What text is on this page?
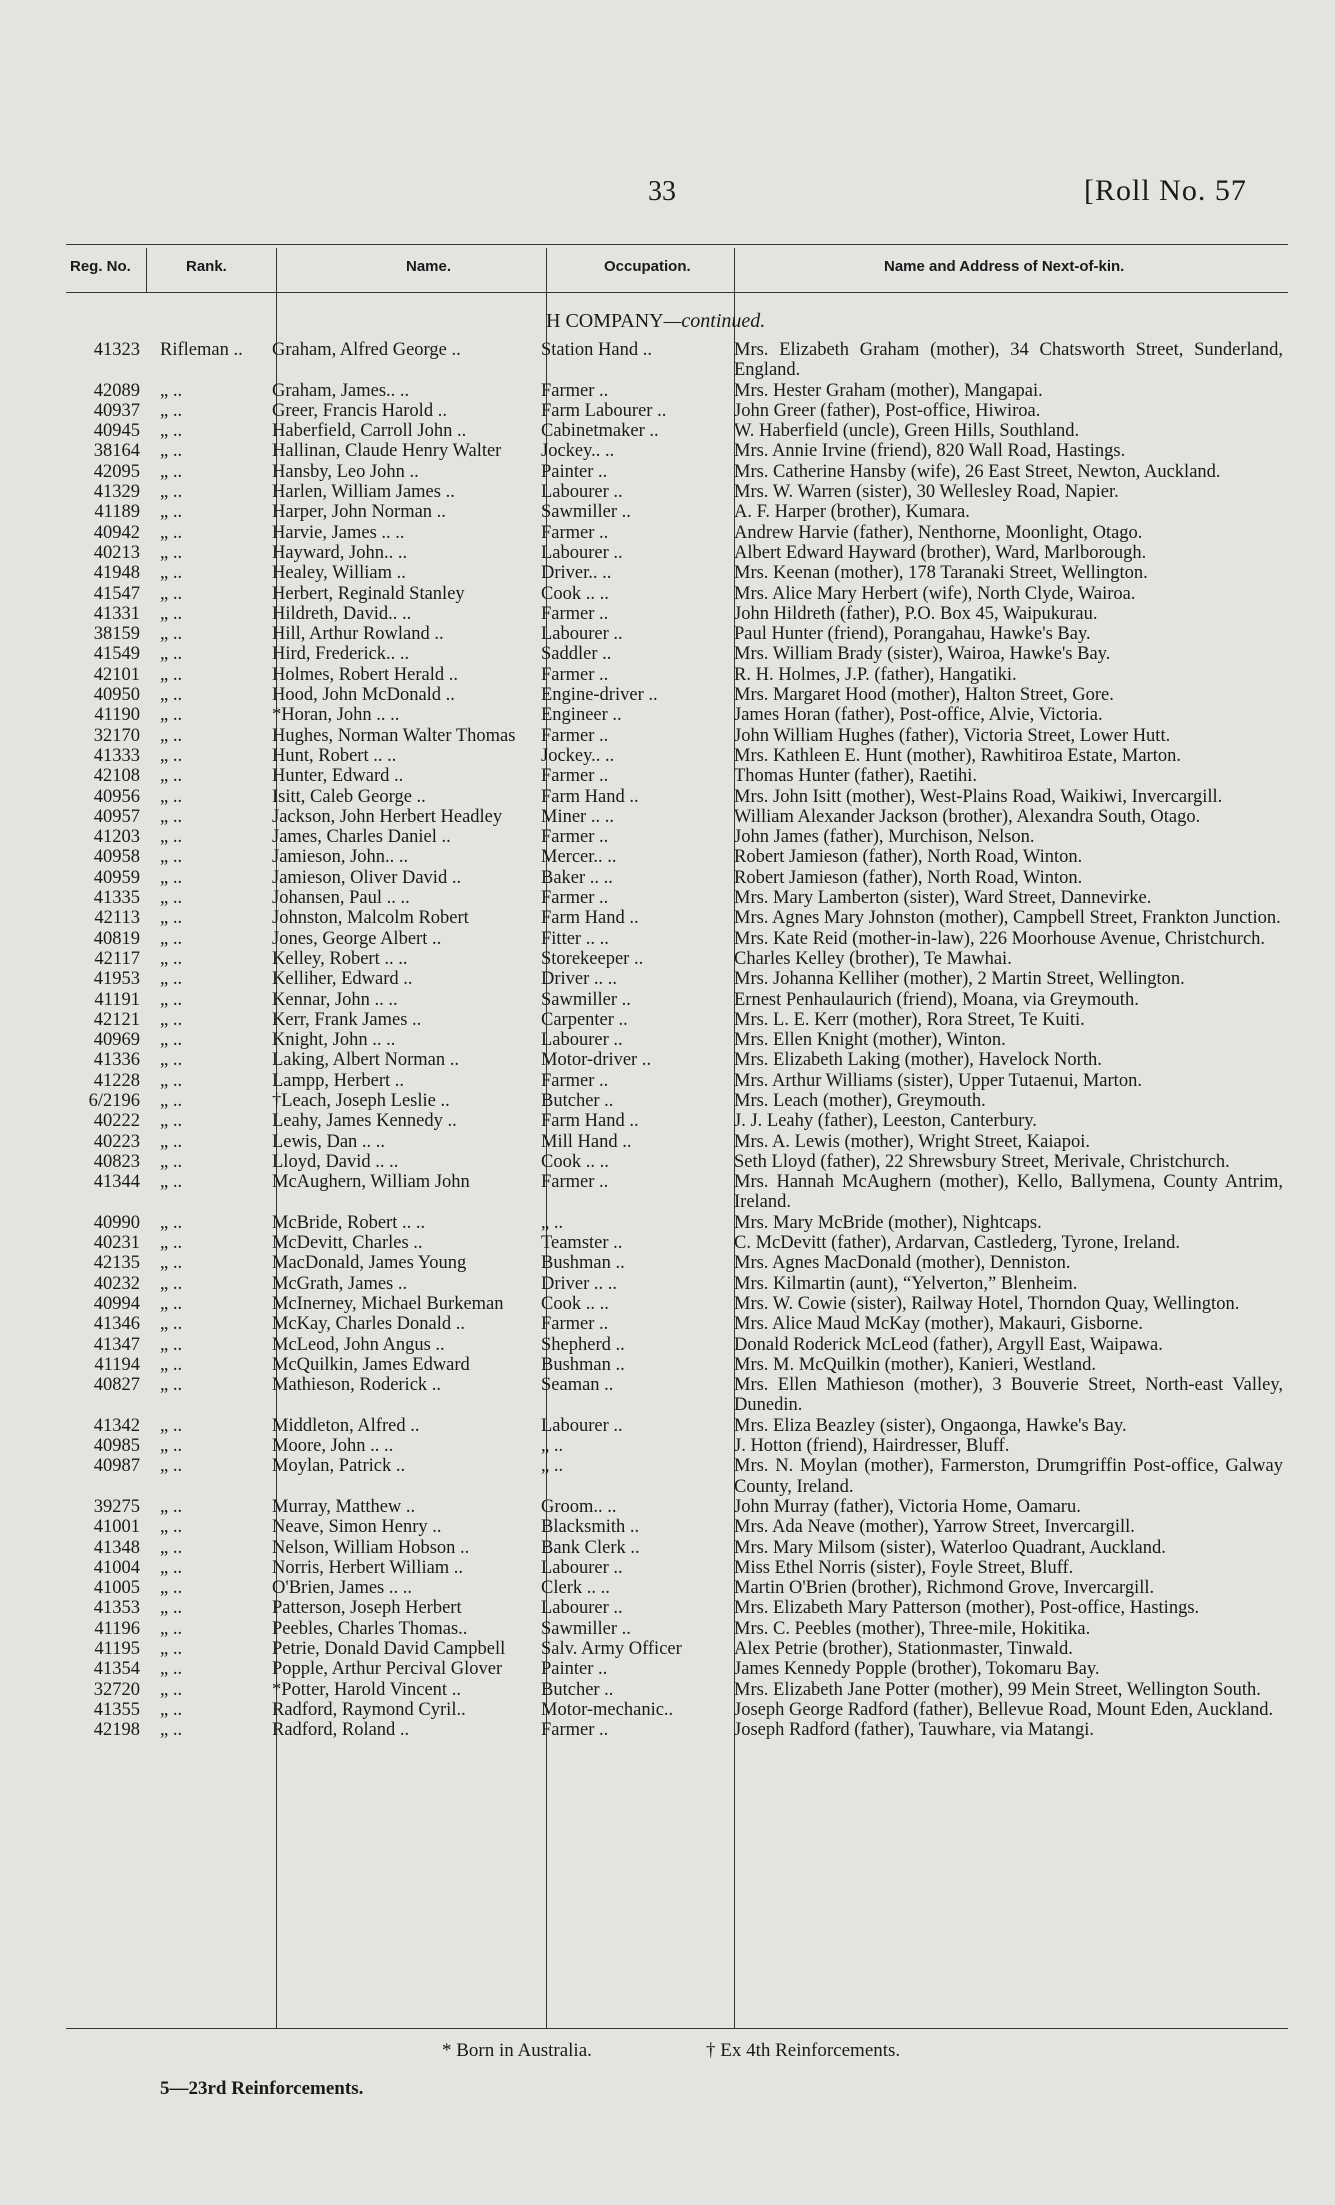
33	[Roll No. 57
Reg. No.	Rank.	Name.	Occupation.	Name and Address of Next-of-kin.
H COMPANY—continued.
41323	Rifleman ..	Graham, Alfred George ..	Station Hand ..	Mrs. Elizabeth Graham (mother), 34 Chatsworth Street, Sunderland, England.
42089	„ ..	Graham, James.. ..	Farmer ..	Mrs. Hester Graham (mother), Mangapai.
40937	„ ..	Greer, Francis Harold ..	Farm Labourer ..	John Greer (father), Post-office, Hiwiroa.
40945	„ ..	Haberfield, Carroll John ..	Cabinetmaker ..	W. Haberfield (uncle), Green Hills, Southland.
38164	„ ..	Hallinan, Claude Henry Walter	Jockey.. ..	Mrs. Annie Irvine (friend), 820 Wall Road, Hastings.
42095	„ ..	Hansby, Leo John ..	Painter ..	Mrs. Catherine Hansby (wife), 26 East Street, Newton, Auckland.
41329	„ ..	Harlen, William James ..	Labourer ..	Mrs. W. Warren (sister), 30 Wellesley Road, Napier.
41189	„ ..	Harper, John Norman ..	Sawmiller ..	A. F. Harper (brother), Kumara.
40942	„ ..	Harvie, James .. ..	Farmer ..	Andrew Harvie (father), Nenthorne, Moonlight, Otago.
40213	„ ..	Hayward, John.. ..	Labourer ..	Albert Edward Hayward (brother), Ward, Marlborough.
41948	„ ..	Healey, William ..	Driver.. ..	Mrs. Keenan (mother), 178 Taranaki Street, Wellington.
41547	„ ..	Herbert, Reginald Stanley	Cook .. ..	Mrs. Alice Mary Herbert (wife), North Clyde, Wairoa.
41331	„ ..	Hildreth, David.. ..	Farmer ..	John Hildreth (father), P.O. Box 45, Waipukurau.
38159	„ ..	Hill, Arthur Rowland ..	Labourer ..	Paul Hunter (friend), Porangahau, Hawke's Bay.
41549	„ ..	Hird, Frederick.. ..	Saddler ..	Mrs. William Brady (sister), Wairoa, Hawke's Bay.
42101	„ ..	Holmes, Robert Herald ..	Farmer ..	R. H. Holmes, J.P. (father), Hangatiki.
40950	„ ..	Hood, John McDonald ..	Engine-driver ..	Mrs. Margaret Hood (mother), Halton Street, Gore.
41190	„ ..	*Horan, John .. ..	Engineer ..	James Horan (father), Post-office, Alvie, Victoria.
32170	„ ..	Hughes, Norman Walter Thomas	Farmer ..	John William Hughes (father), Victoria Street, Lower Hutt.
41333	„ ..	Hunt, Robert .. ..	Jockey.. ..	Mrs. Kathleen E. Hunt (mother), Rawhitiroa Estate, Marton.
42108	„ ..	Hunter, Edward ..	Farmer ..	Thomas Hunter (father), Raetihi.
40956	„ ..	Isitt, Caleb George ..	Farm Hand ..	Mrs. John Isitt (mother), West-Plains Road, Waikiwi, Invercargill.
40957	„ ..	Jackson, John Herbert Headley	Miner .. ..	William Alexander Jackson (brother), Alexandra South, Otago.
41203	„ ..	James, Charles Daniel ..	Farmer ..	John James (father), Murchison, Nelson.
40958	„ ..	Jamieson, John.. ..	Mercer.. ..	Robert Jamieson (father), North Road, Winton.
40959	„ ..	Jamieson, Oliver David ..	Baker .. ..	Robert Jamieson (father), North Road, Winton.
41335	„ ..	Johansen, Paul .. ..	Farmer ..	Mrs. Mary Lamberton (sister), Ward Street, Dannevirke.
42113	„ ..	Johnston, Malcolm Robert	Farm Hand ..	Mrs. Agnes Mary Johnston (mother), Campbell Street, Frankton Junction.
40819	„ ..	Jones, George Albert ..	Fitter .. ..	Mrs. Kate Reid (mother-in-law), 226 Moorhouse Avenue, Christchurch.
42117	„ ..	Kelley, Robert .. ..	Storekeeper ..	Charles Kelley (brother), Te Mawhai.
41953	„ ..	Kelliher, Edward ..	Driver .. ..	Mrs. Johanna Kelliher (mother), 2 Martin Street, Wellington.
41191	„ ..	Kennar, John .. ..	Sawmiller ..	Ernest Penhaulaurich (friend), Moana, via Greymouth.
42121	„ ..	Kerr, Frank James ..	Carpenter ..	Mrs. L. E. Kerr (mother), Rora Street, Te Kuiti.
40969	„ ..	Knight, John .. ..	Labourer ..	Mrs. Ellen Knight (mother), Winton.
41336	„ ..	Laking, Albert Norman ..	Motor-driver ..	Mrs. Elizabeth Laking (mother), Havelock North.
41228	„ ..	Lampp, Herbert ..	Farmer ..	Mrs. Arthur Williams (sister), Upper Tutaenui, Marton.
6/2196	„ ..	†Leach, Joseph Leslie ..	Butcher ..	Mrs. Leach (mother), Greymouth.
40222	„ ..	Leahy, James Kennedy ..	Farm Hand ..	J. J. Leahy (father), Leeston, Canterbury.
40223	„ ..	Lewis, Dan .. ..	Mill Hand ..	Mrs. A. Lewis (mother), Wright Street, Kaiapoi.
40823	„ ..	Lloyd, David .. ..	Cook .. ..	Seth Lloyd (father), 22 Shrewsbury Street, Merivale, Christchurch.
41344	„ ..	McAughern, William John	Farmer ..	Mrs. Hannah McAughern (mother), Kello, Ballymena, County Antrim, Ireland.
40990	„ ..	McBride, Robert .. ..	„ ..	Mrs. Mary McBride (mother), Nightcaps.
40231	„ ..	McDevitt, Charles ..	Teamster ..	C. McDevitt (father), Ardarvan, Castlederg, Tyrone, Ireland.
42135	„ ..	MacDonald, James Young	Bushman ..	Mrs. Agnes MacDonald (mother), Denniston.
40232	„ ..	McGrath, James ..	Driver .. ..	Mrs. Kilmartin (aunt), “Yelverton,” Blenheim.
40994	„ ..	McInerney, Michael Burkeman	Cook .. ..	Mrs. W. Cowie (sister), Railway Hotel, Thorndon Quay, Wellington.
41346	„ ..	McKay, Charles Donald ..	Farmer ..	Mrs. Alice Maud McKay (mother), Makauri, Gisborne.
41347	„ ..	McLeod, John Angus ..	Shepherd ..	Donald Roderick McLeod (father), Argyll East, Waipawa.
41194	„ ..	McQuilkin, James Edward	Bushman ..	Mrs. M. McQuilkin (mother), Kanieri, Westland.
40827	„ ..	Mathieson, Roderick ..	Seaman ..	Mrs. Ellen Mathieson (mother), 3 Bouverie Street, North-east Valley, Dunedin.
41342	„ ..	Middleton, Alfred ..	Labourer ..	Mrs. Eliza Beazley (sister), Ongaonga, Hawke's Bay.
40985	„ ..	Moore, John .. ..	„ ..	J. Hotton (friend), Hairdresser, Bluff.
40987	„ ..	Moylan, Patrick ..	„ ..	Mrs. N. Moylan (mother), Farmerston, Drumgriffin Post-office, Galway County, Ireland.
39275	„ ..	Murray, Matthew ..	Groom.. ..	John Murray (father), Victoria Home, Oamaru.
41001	„ ..	Neave, Simon Henry ..	Blacksmith ..	Mrs. Ada Neave (mother), Yarrow Street, Invercargill.
41348	„ ..	Nelson, William Hobson ..	Bank Clerk ..	Mrs. Mary Milsom (sister), Waterloo Quadrant, Auckland.
41004	„ ..	Norris, Herbert William ..	Labourer ..	Miss Ethel Norris (sister), Foyle Street, Bluff.
41005	„ ..	O'Brien, James .. ..	Clerk .. ..	Martin O'Brien (brother), Richmond Grove, Invercargill.
41353	„ ..	Patterson, Joseph Herbert	Labourer ..	Mrs. Elizabeth Mary Patterson (mother), Post-office, Hastings.
41196	„ ..	Peebles, Charles Thomas..	Sawmiller ..	Mrs. C. Peebles (mother), Three-mile, Hokitika.
41195	„ ..	Petrie, Donald David Campbell	Salv. Army Officer	Alex Petrie (brother), Stationmaster, Tinwald.
41354	„ ..	Popple, Arthur Percival Glover	Painter ..	James Kennedy Popple (brother), Tokomaru Bay.
32720	„ ..	*Potter, Harold Vincent ..	Butcher ..	Mrs. Elizabeth Jane Potter (mother), 99 Mein Street, Wellington South.
41355	„ ..	Radford, Raymond Cyril..	Motor-mechanic..	Joseph George Radford (father), Bellevue Road, Mount Eden, Auckland.
42198	„ ..	Radford, Roland ..	Farmer ..	Joseph Radford (father), Tauwhare, via Matangi.
* Born in Australia.	† Ex 4th Reinforcements.
5—23rd Reinforcements.
